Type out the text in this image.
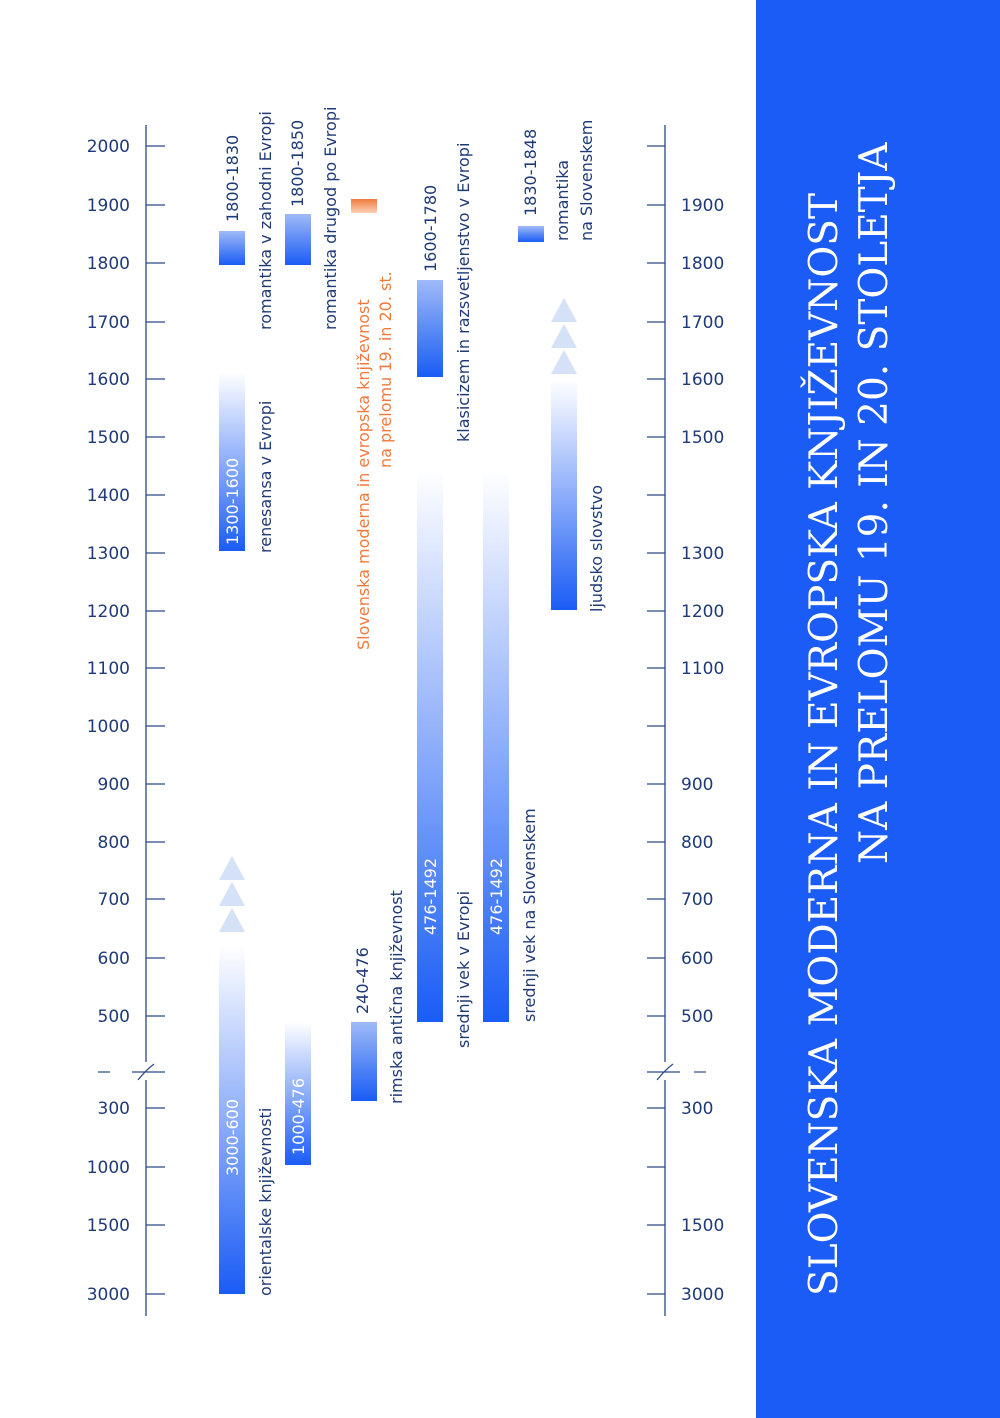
SLOVENSKA MODERNA IN EVROPSKA KNJIŽEVNOST NA PRELOMU 19. IN 20. STOLETJA
2000
1900
1800
1700
1600
1500
1400
1300
1200
1100
1000
900
800
700
600
500
300
1000
1500
3000
1900
1800
1700
1600
1500
1300
1200
1100
900
800
700
600
500
300
1500
3000
3000-600 orientalske književnosti 1000-476
240-476 rimska antična književnost 476-1492 srednji vek v Evropi 476-1492 srednji vek na Slovenskem
ljudsko slovstvo
1300-1600 renesansa v Evropi
1600-1780 klasicizem in razsvetljenstvo v Evropi
1800-1830 romantika v zahodni Evropi 1800-1850 romantika drugod po Evropi	1830-1848 romantika na Slovenskem
Slovenska moderna in evropska književnost na prelomu 19. in 20. st.
